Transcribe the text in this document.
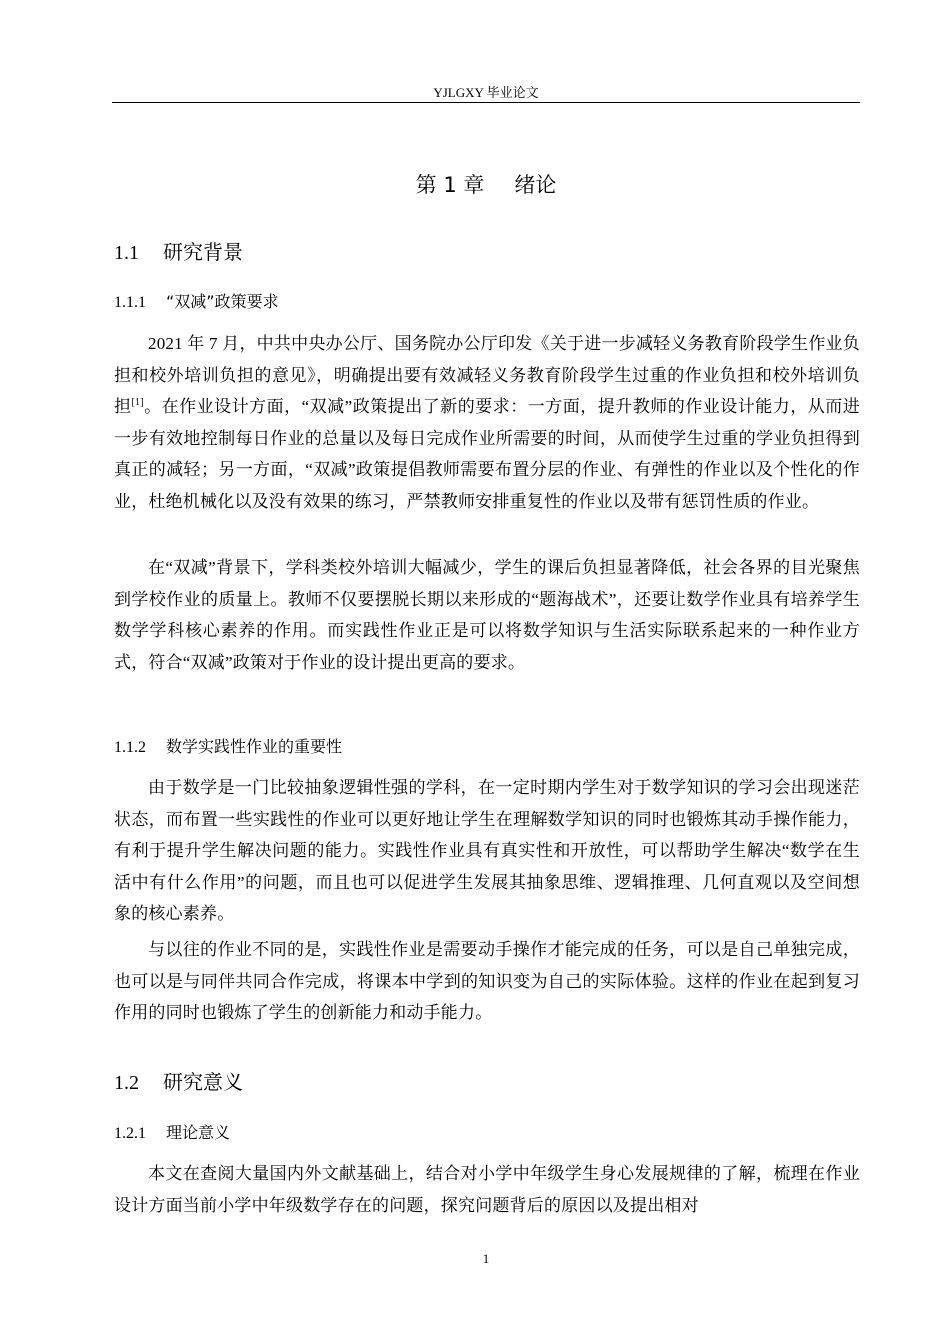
YJLGXY 毕业论文
第 1 章 绪论
1.1 研究背景
1.1.1 “双减”政策要求
2021 年 7 月，中共中央办公厅、国务院办公厅印发《关于进一步减轻义务教育阶段学生作业负担和校外培训负担的意见》，明确提出要有效减轻义务教育阶段学生过重的作业负担和校外培训负担[1]。在作业设计方面，“双减”政策提出了新的要求：一方面，提升教师的作业设计能力，从而进一步有效地控制每日作业的总量以及每日完成作业所需要的时间，从而使学生过重的学业负担得到真正的减轻；另一方面，“双减”政策提倡教师需要布置分层的作业、有弹性的作业以及个性化的作业，杜绝机械化以及没有效果的练习，严禁教师安排重复性的作业以及带有惩罚性质的作业。
在“双减”背景下，学科类校外培训大幅减少，学生的课后负担显著降低，社会各界的目光聚焦到学校作业的质量上。教师不仅要摆脱长期以来形成的“题海战术”，还要让数学作业具有培养学生数学学科核心素养的作用。而实践性作业正是可以将数学知识与生活实际联系起来的一种作业方式，符合“双减”政策对于作业的设计提出更高的要求。
1.1.2 数学实践性作业的重要性
由于数学是一门比较抽象逻辑性强的学科，在一定时期内学生对于数学知识的学习会出现迷茫状态，而布置一些实践性的作业可以更好地让学生在理解数学知识的同时也锻炼其动手操作能力，有利于提升学生解决问题的能力。实践性作业具有真实性和开放性，可以帮助学生解决“数学在生活中有什么作用”的问题，而且也可以促进学生发展其抽象思维、逻辑推理、几何直观以及空间想象的核心素养。
与以往的作业不同的是，实践性作业是需要动手操作才能完成的任务，可以是自己单独完成，也可以是与同伴共同合作完成，将课本中学到的知识变为自己的实际体验。这样的作业在起到复习作用的同时也锻炼了学生的创新能力和动手能力。
1.2 研究意义
1.2.1 理论意义
本文在查阅大量国内外文献基础上，结合对小学中年级学生身心发展规律的了解，梳理在作业设计方面当前小学中年级数学存在的问题，探究问题背后的原因以及提出相对
1
